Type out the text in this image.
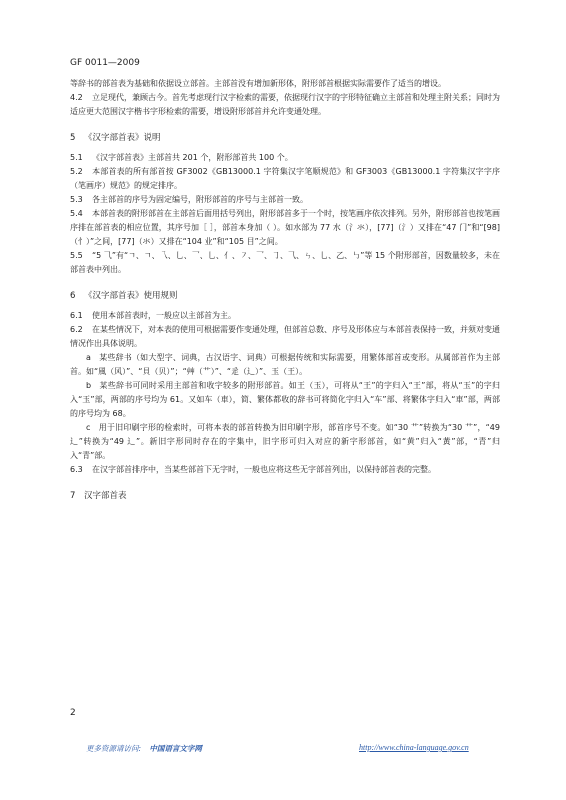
GF 0011—2009

等辞书的部首表为基础和依据设立部首。主部首没有增加新形体，附形部首根据实际需要作了适当的增设。

4.2 立足现代，兼顾古今。首先考虑现行汉字检索的需要，依据现行汉字的字形特征确立主部首和处理主附关系；同时为适应更大范围汉字楷书字形检索的需要，增设附形部首并允许变通处理。

5 《汉字部首表》说明

5.1 《汉字部首表》主部首共 201 个，附形部首共 100 个。

5.2 本部首表的所有部首按 GF3002《GB13000.1 字符集汉字笔顺规范》和 GF3003《GB13000.1 字符集汉字字序（笔画序）规范》的规定排序。

5.3 各主部首的序号为固定编号，附形部首的序号与主部首一致。

5.4 本部首表的附形部首在主部首后面用括号列出，附形部首多于一个时，按笔画序依次排列。另外，附形部首也按笔画序排在部首表的相应位置，其序号加［ ］，部首本身加（ ）。如水部为 77 水（氵氺），[77]（氵）又排在“47 门”和“[98]（忄）”之间，[77]（氺）又排在“104 业”和“105 目”之间。

5.5 “5 ⺄”有“ㄱ、ㄱ、乁、乚、⺂、⺃、⺅、㇇、乛、㇆、⺄、ㄣ、乚、乙、㇉”等 15 个附形部首，因数量较多，未在部首表中列出。

6 《汉字部首表》使用规则

6.1 使用本部首表时，一般应以主部首为主。

6.2 在某些情况下，对本表的使用可根据需要作变通处理，但部首总数、序号及形体应与本部首表保持一致，并须对变通情况作出具体说明。

a　某些辞书（如大型字、词典，古汉语字、词典）可根据传统和实际需要，用繁体部首或变形。从属部首作为主部首。如“風（风）”、“貝（贝）”；“艸（艹）”、“辵（辶）”、玉（王）。

b　某些辞书可同时采用主部首和收字较多的附形部首。如王（玉），可将从“王”的字归入“王”部，将从“玉”的字归入“玉”部，两部的序号均为 61。又如车（車），简、繁体都收的辞书可将简化字归入“车”部、将繁体字归入“車”部，两部的序号均为 68。

c　用于旧印刷字形的检索时，可将本表的部首转换为旧印刷字形，部首序号不变。如“30 艹”转换为“30 艹”，“49 辶”转换为“49 辶”。新旧字形同时存在的字集中，旧字形可归入对应的新字形部首，如“黄”归入“黃”部，“青”归入“青”部。

6.3 在汉字部首排序中，当某些部首下无字时，一般也应将这些无字部首列出，以保持部首表的完整。

7 汉字部首表
2
更多资源请访问: 中国语言文字网	http://www.china-language.gov.cn
